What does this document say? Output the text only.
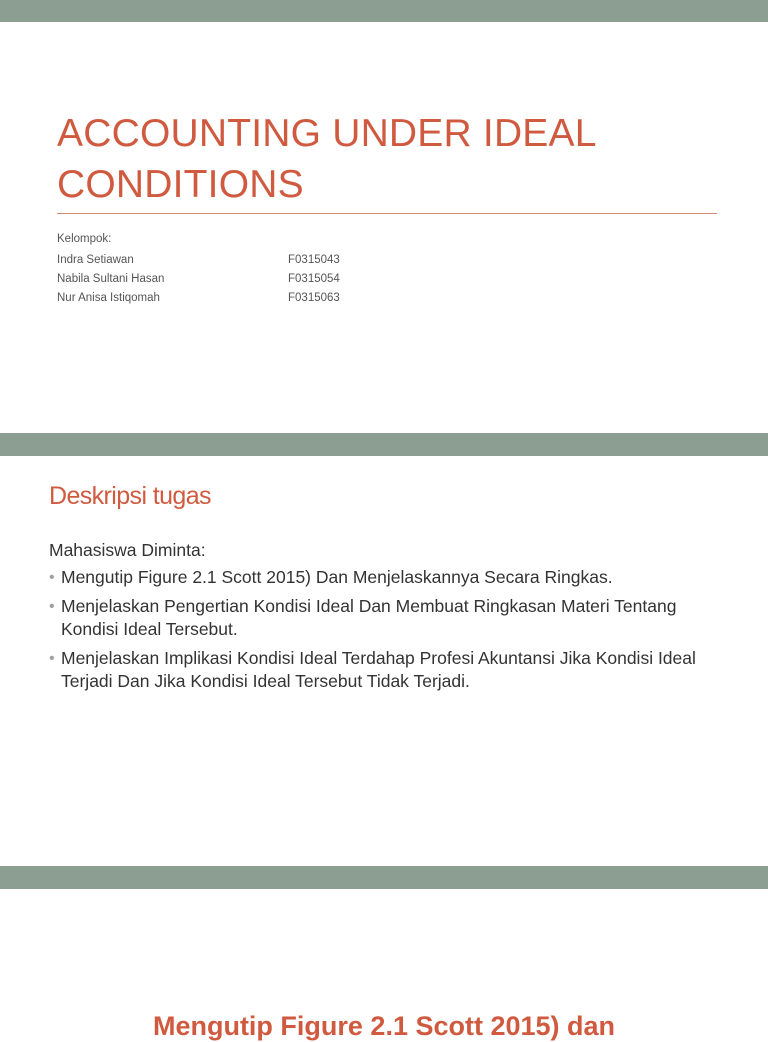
ACCOUNTING UNDER IDEAL CONDITIONS

Kelompok:

Indra Setiawan	F0315043
Nabila Sultani Hasan	F0315054
Nur Anisa Istiqomah	F0315063
Deskripsi tugas

Mahasiswa Diminta:

• Mengutip Figure 2.1 Scott 2015) Dan Menjelaskannya Secara Ringkas.
• Menjelaskan Pengertian Kondisi Ideal Dan Membuat Ringkasan Materi Tentang Kondisi Ideal Tersebut.
• Menjelaskan Implikasi Kondisi Ideal Terdahap Profesi Akuntansi Jika Kondisi Ideal Terjadi Dan Jika Kondisi Ideal Tersebut Tidak Terjadi.
Mengutip Figure 2.1 Scott 2015) dan
